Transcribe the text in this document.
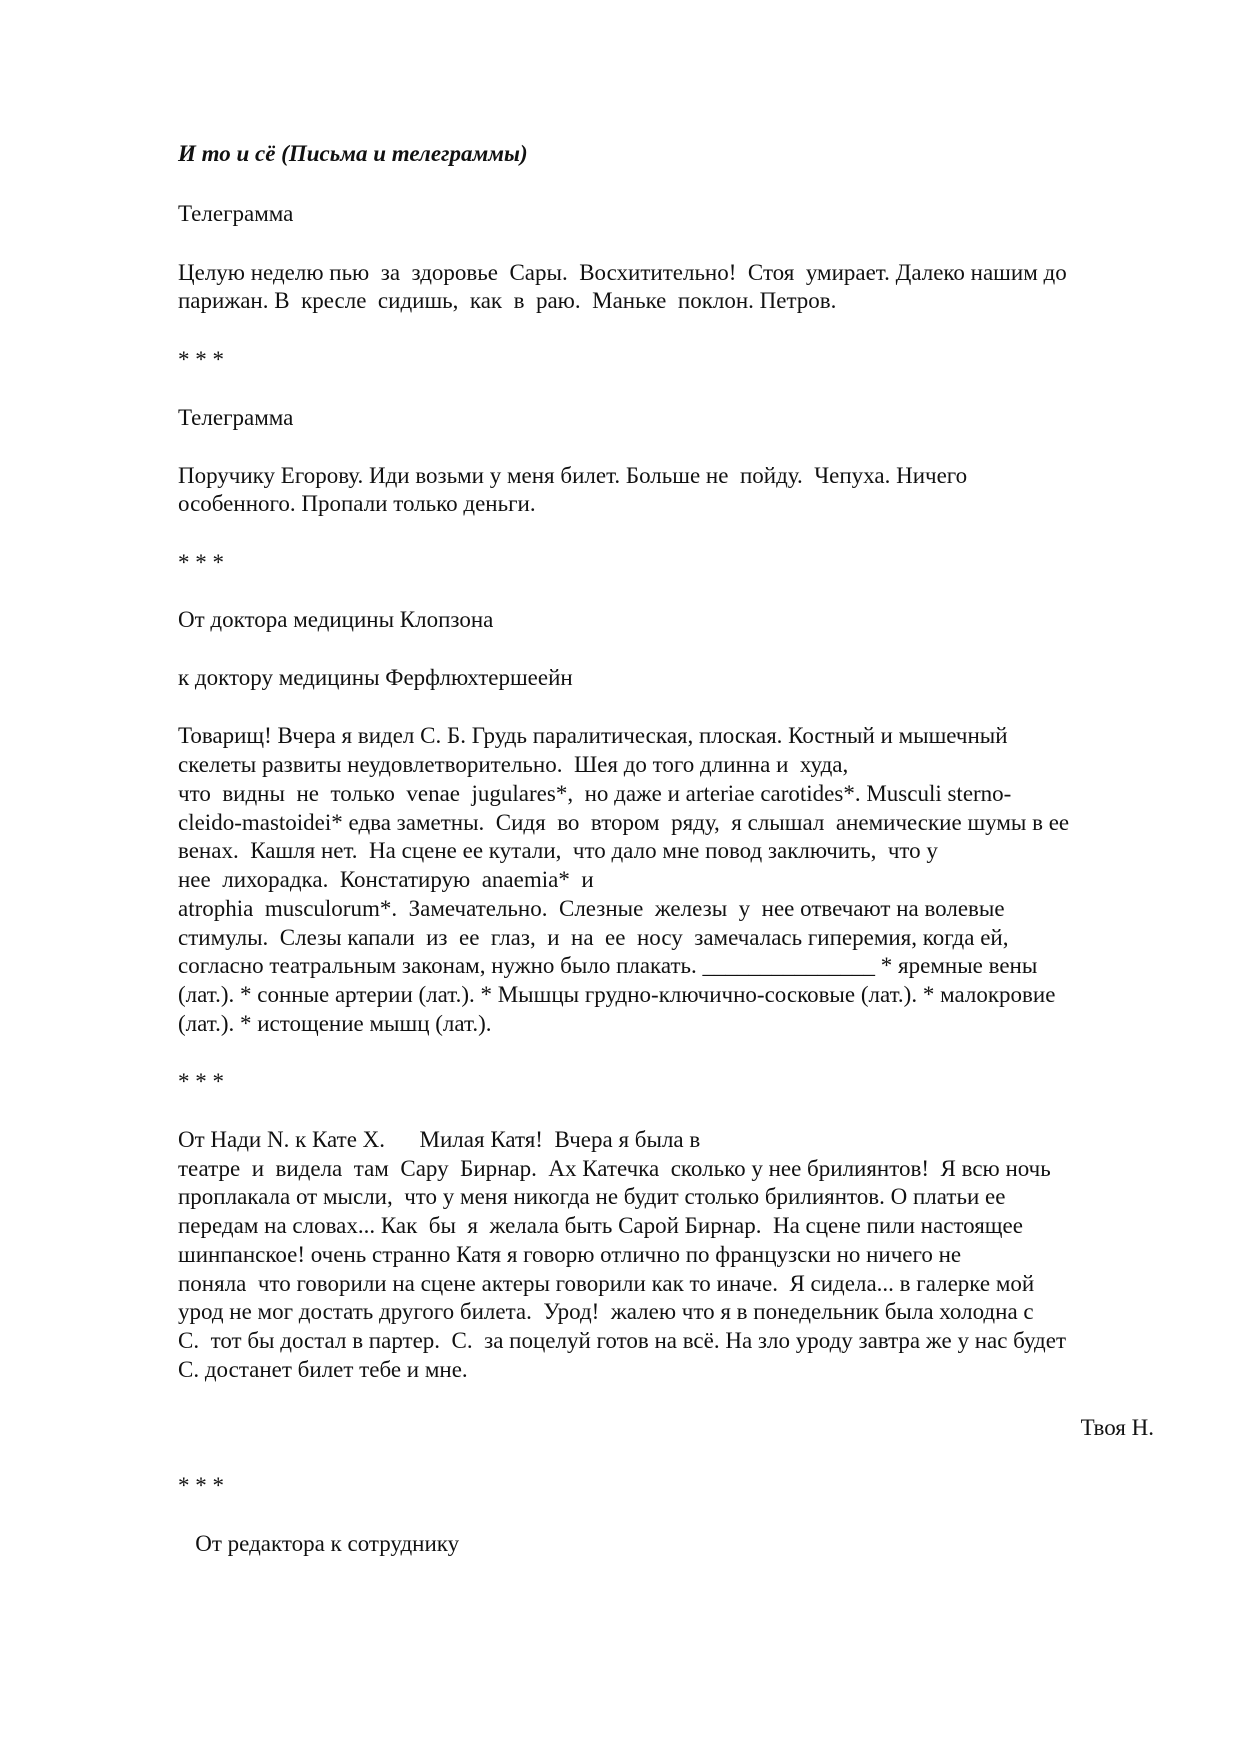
И то и сё (Письма и телеграммы)
Телеграмма
Целую неделю пью  за  здоровье  Сары.  Восхитительно!  Стоя  умирает. Далеко нашим до
парижан. В  кресле  сидишь,  как  в  раю.  Маньке  поклон. Петров.
* * *
Телеграмма
Поручику Егорову. Иди возьми у меня билет. Больше не  пойду.  Чепуха. Ничего
особенного. Пропали только деньги.
* * *
От доктора медицины Клопзона
к доктору медицины Ферфлюхтершеейн
Товарищ! Вчера я видел С. Б. Грудь паралитическая, плоская. Костный и мышечный
скелеты развиты неудовлетворительно.  Шея до того длинна и  худа,
что  видны  не  только  venae  jugulares*,  но даже и arteriae carotides*. Musculi sterno-
cleido-mastoidei* едва заметны.  Сидя  во  втором  ряду,  я слышал  анемические шумы в ее
венах.  Кашля нет.  На сцене ее кутали,  что дало мне повод заключить,  что у
нее  лихорадка.  Констатирую  anaemia*  и
atrophia  musculorum*.  Замечательно.  Слезные  железы  у  нее отвечают на волевые
стимулы.  Слезы капали  из  ее  глаз,  и  на  ее  носу  замечалась гиперемия, когда ей,
согласно театральным законам, нужно было плакать. _______________ * яремные вены
(лат.). * сонные артерии (лат.). * Мышцы грудно-ключично-сосковые (лат.). * малокровие
(лат.). * истощение мышц (лат.).
* * *
От Нади N. к Кате X.      Милая Катя!  Вчера я была в
театре  и  видела  там  Сару  Бирнар.  Ах Катечка  сколько у нее брилиянтов!  Я всю ночь
проплакала от мысли,  что у меня никогда не будит столько брилиянтов. О платьи ее
передам на словах... Как  бы  я  желала быть Сарой Бирнар.  На сцене пили настоящее
шинпанское! очень странно Катя я говорю отлично по французски но ничего не
поняла  что говорили на сцене актеры говорили как то иначе.  Я сидела... в галерке мой
урод не мог достать другого билета.  Урод!  жалею что я в понедельник была холодна с
С.  тот бы достал в партер.  С.  за поцелуй готов на всё. На зло уроду завтра же у нас будет
С. достанет билет тебе и мне.
Твоя Н.
* * *
От редактора к сотруднику
